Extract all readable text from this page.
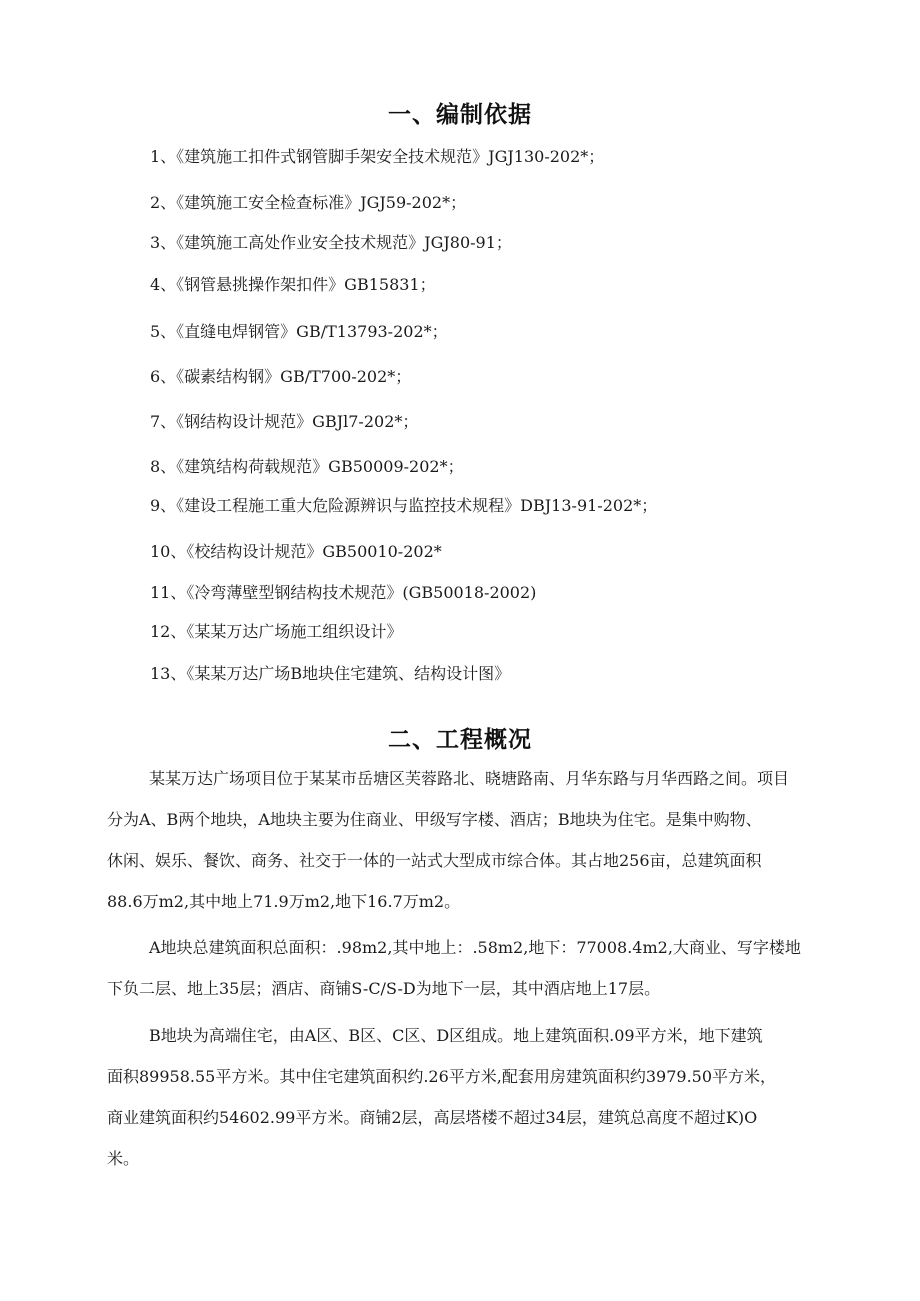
一、编制依据
1、《建筑施工扣件式钢管脚手架安全技术规范》JGJ130-202*；
2、《建筑施工安全检查标准》JGJ59-202*；
3、《建筑施工高处作业安全技术规范》JGJ80-91；
4、《钢管悬挑操作架扣件》GB15831；
5、《直缝电焊钢管》GB/T13793-202*；
6、《碳素结构钢》GB/T700-202*；
7、《钢结构设计规范》GBJl7-202*；
8、《建筑结构荷载规范》GB50009-202*；
9、《建设工程施工重大危险源辨识与监控技术规程》DBJ13-91-202*；
10、《校结构设计规范》GB50010-202*
11、《冷弯薄壁型钢结构技术规范》(GB50018-2002)
12、《某某万达广场施工组织设计》
13、《某某万达广场B地块住宅建筑、结构设计图》
二、工程概况
某某万达广场项目位于某某市岳塘区芙蓉路北、晓塘路南、月华东路与月华西路之间。项目
分为A、B两个地块，A地块主要为住商业、甲级写字楼、酒店；B地块为住宅。是集中购物、
休闲、娱乐、餐饮、商务、社交于一体的一站式大型成市综合体。其占地256亩，总建筑面积
88.6万m2,其中地上71.9万m2,地下16.7万m2。
A地块总建筑面积总面积：.98m2,其中地上：.58m2,地下：77008.4m2,大商业、写字楼地
下负二层、地上35层；酒店、商铺S-C/S-D为地下一层，其中酒店地上17层。
B地块为高端住宅，由A区、B区、C区、D区组成。地上建筑面积.09平方米，地下建筑
面积89958.55平方米。其中住宅建筑面积约.26平方米,配套用房建筑面积约3979.50平方米，
商业建筑面积约54602.99平方米。商铺2层，高层塔楼不超过34层，建筑总高度不超过K)O
米。
